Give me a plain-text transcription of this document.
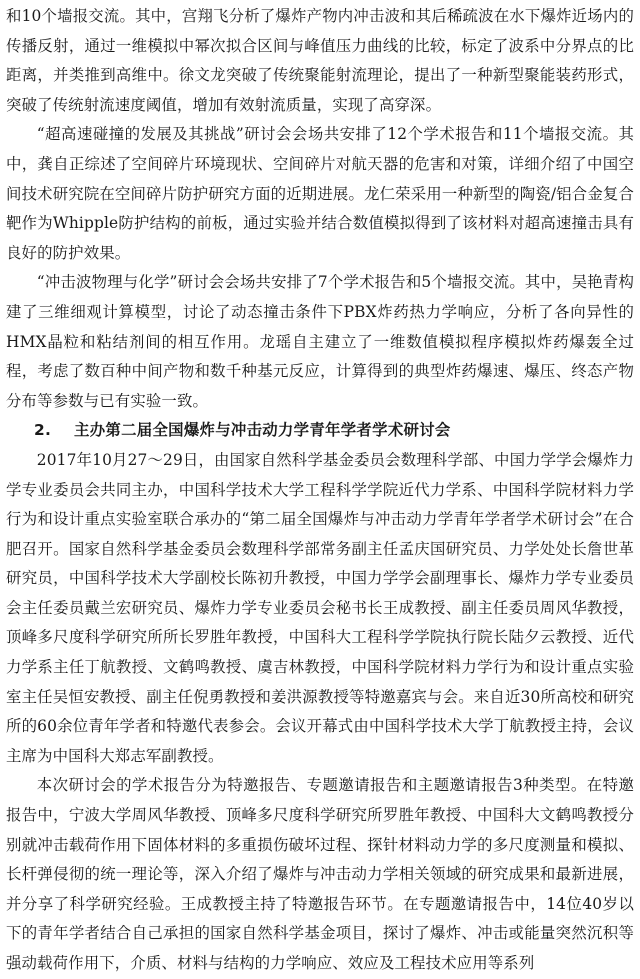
和10个墙报交流。其中，宫翔飞分析了爆炸产物内冲击波和其后稀疏波在水下爆炸近场内的传播反射，通过一维模拟中幂次拟合区间与峰值压力曲线的比较，标定了波系中分界点的比距离，并类推到高维中。徐文龙突破了传统聚能射流理论，提出了一种新型聚能装药形式，突破了传统射流速度阈值，增加有效射流质量，实现了高穿深。

“超高速碰撞的发展及其挑战”研讨会会场共安排了12个学术报告和11个墙报交流。其中，龚自正综述了空间碎片环境现状、空间碎片对航天器的危害和对策，详细介绍了中国空间技术研究院在空间碎片防护研究方面的近期进展。龙仁荣采用一种新型的陶瓷/铝合金复合靶作为Whipple防护结构的前板，通过实验并结合数值模拟得到了该材料对超高速撞击具有良好的防护效果。

“冲击波物理与化学”研讨会会场共安排了7个学术报告和5个墙报交流。其中，吴艳青构建了三维细观计算模型，讨论了动态撞击条件下PBX炸药热力学响应，分析了各向异性的HMX晶粒和粘结剂间的相互作用。龙瑶自主建立了一维数值模拟程序模拟炸药爆轰全过程，考虑了数百种中间产物和数千种基元反应，计算得到的典型炸药爆速、爆压、终态产物分布等参数与已有实验一致。

2. 主办第二届全国爆炸与冲击动力学青年学者学术研讨会

2017年10月27～29日，由国家自然科学基金委员会数理科学部、中国力学学会爆炸力学专业委员会共同主办，中国科学技术大学工程科学学院近代力学系、中国科学院材料力学行为和设计重点实验室联合承办的“第二届全国爆炸与冲击动力学青年学者学术研讨会”在合肥召开。国家自然科学基金委员会数理科学部常务副主任孟庆国研究员、力学处处长詹世革研究员，中国科学技术大学副校长陈初升教授，中国力学学会副理事长、爆炸力学专业委员会主任委员戴兰宏研究员、爆炸力学专业委员会秘书长王成教授、副主任委员周风华教授，顶峰多尺度科学研究所所长罗胜年教授，中国科大工程科学学院执行院长陆夕云教授、近代力学系主任丁航教授、文鹤鸣教授、虞吉林教授，中国科学院材料力学行为和设计重点实验室主任吴恒安教授、副主任倪勇教授和姜洪源教授等特邀嘉宾与会。来自近30所高校和研究所的60余位青年学者和特邀代表参会。会议开幕式由中国科学技术大学丁航教授主持，会议主席为中国科大郑志军副教授。

本次研讨会的学术报告分为特邀报告、专题邀请报告和主题邀请报告3种类型。在特邀报告中，宁波大学周风华教授、顶峰多尺度科学研究所罗胜年教授、中国科大文鹤鸣教授分别就冲击载荷作用下固体材料的多重损伤破坏过程、探针材料动力学的多尺度测量和模拟、长杆弹侵彻的统一理论等，深入介绍了爆炸与冲击动力学相关领域的研究成果和最新进展，并分享了科学研究经验。王成教授主持了特邀报告环节。在专题邀请报告中，14位40岁以下的青年学者结合自己承担的国家自然科学基金项目，探讨了爆炸、冲击或能量突然沉积等强动载荷作用下，介质、材料与结构的力学响应、效应及工程技术应用等系列
